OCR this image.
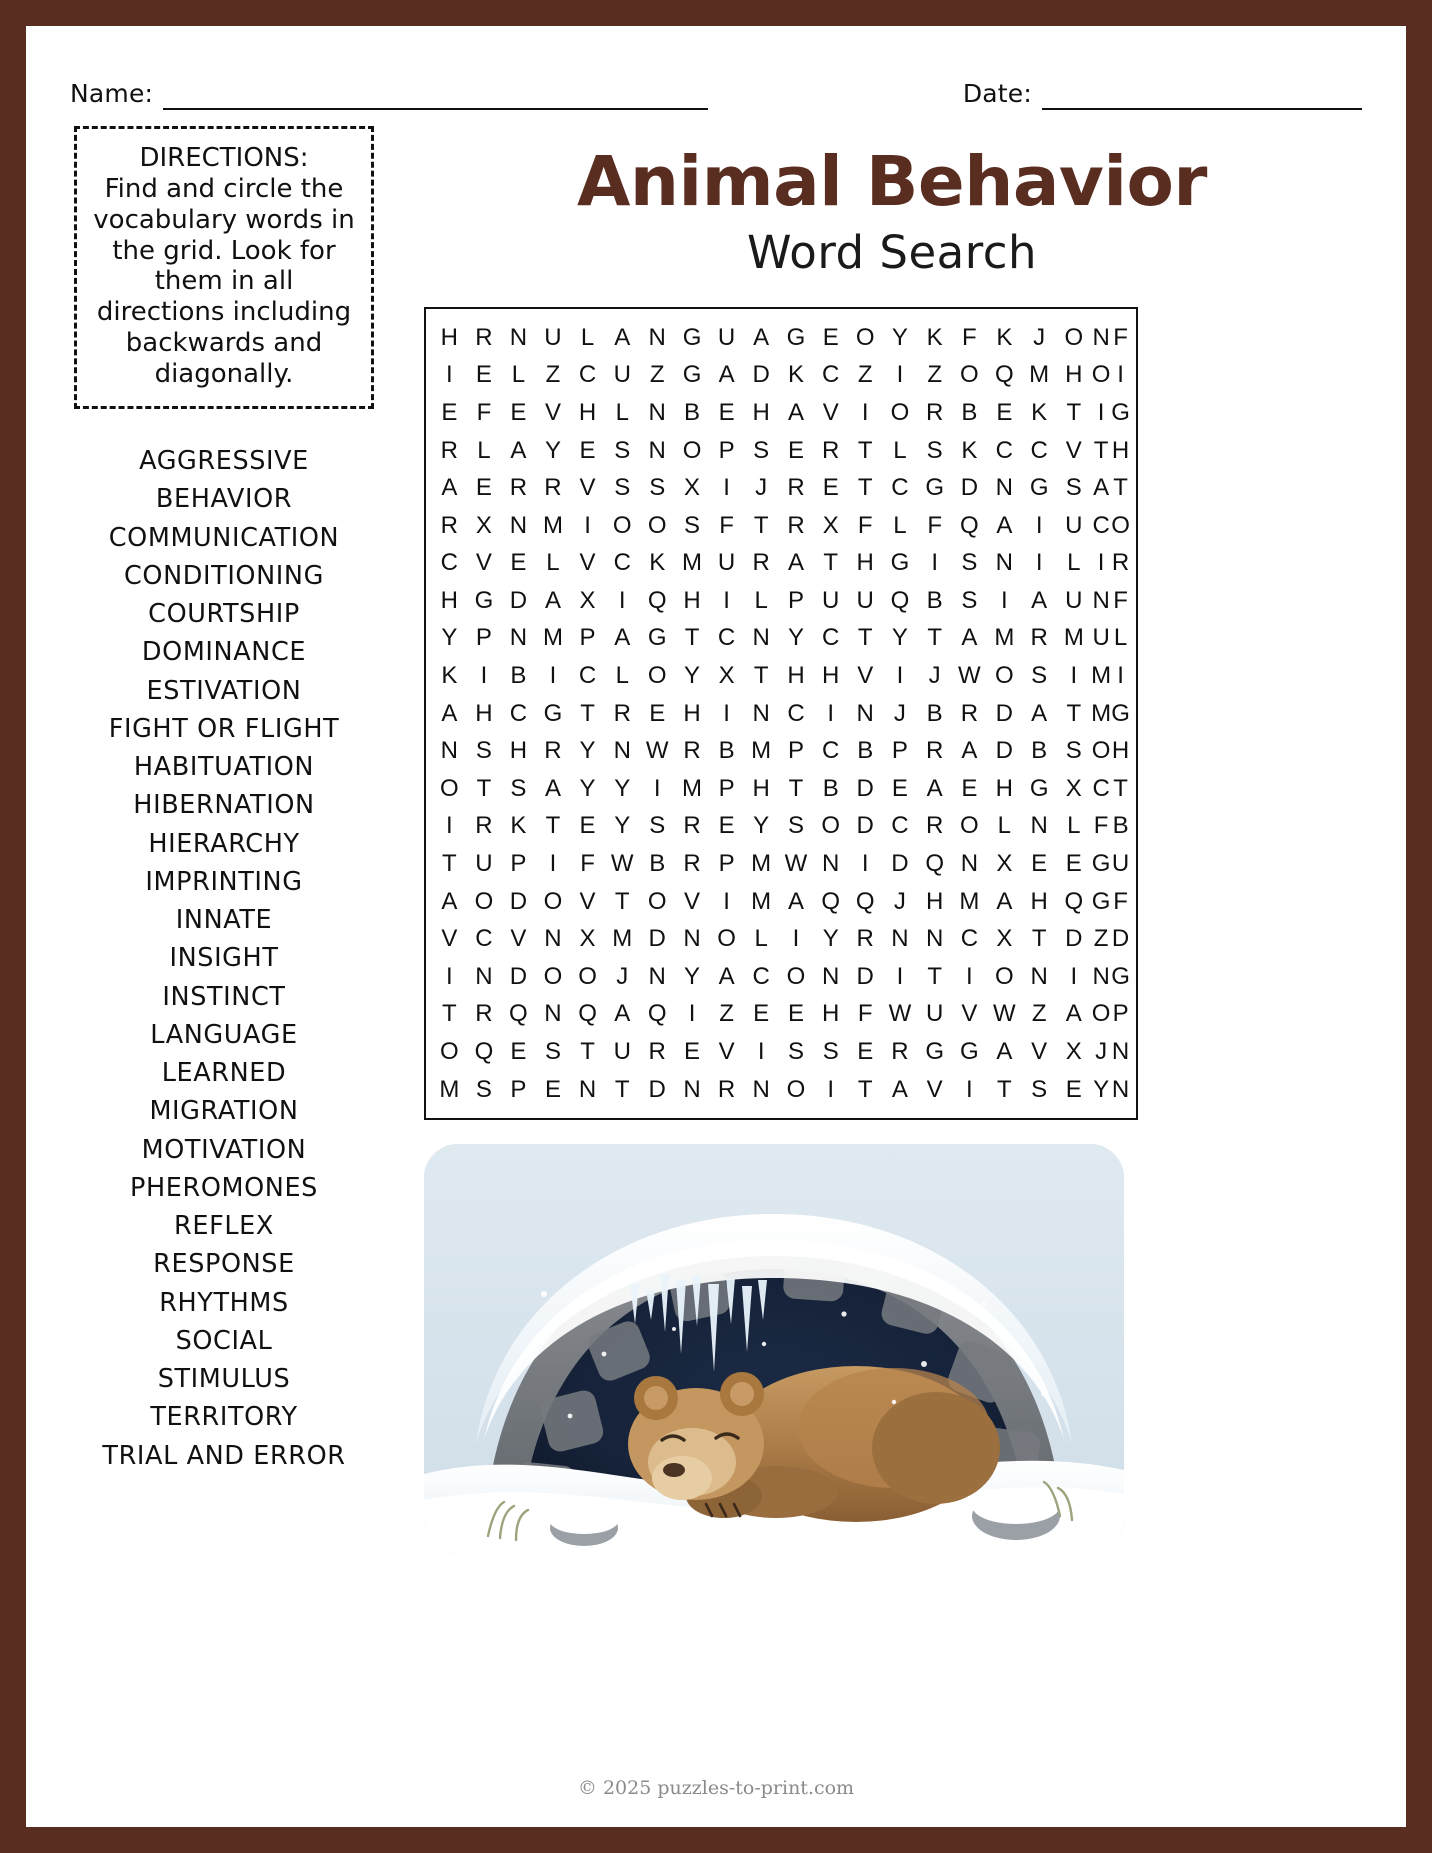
Name:	Date:
DIRECTIONS:
Find and circle the vocabulary words in the grid. Look for them in all directions including backwards and diagonally.
AGGRESSIVE
BEHAVIOR
COMMUNICATION
CONDITIONING
COURTSHIP
DOMINANCE
ESTIVATION
FIGHT OR FLIGHT
HABITUATION
HIBERNATION
HIERARCHY
IMPRINTING
INNATE
INSIGHT
INSTINCT
LANGUAGE
LEARNED
MIGRATION
MOTIVATION
PHEROMONES
REFLEX
RESPONSE
RHYTHMS
SOCIAL
STIMULUS
TERRITORY
TRIAL AND ERROR
Animal Behavior
Word Search
H	R	N	U	L	A	N	G	U	A	G	E	O	Y	K	F	K	J	O	N	F
I	E	L	Z	C	U	Z	G	A	D	K	C	Z	I	Z	O	Q	M	H	O	I
E	F	E	V	H	L	N	B	E	H	A	V	I	O	R	B	E	K	T	I	G
R	L	A	Y	E	S	N	O	P	S	E	R	T	L	S	K	C	C	V	T	H
A	E	R	R	V	S	S	X	I	J	R	E	T	C	G	D	N	G	S	A	T
R	X	N	M	I	O	O	S	F	T	R	X	F	L	F	Q	A	I	U	C	O
C	V	E	L	V	C	K	M	U	R	A	T	H	G	I	S	N	I	L	I	R
H	G	D	A	X	I	Q	H	I	L	P	U	U	Q	B	S	I	A	U	N	F
Y	P	N	M	P	A	G	T	C	N	Y	C	T	Y	T	A	M	R	M	U	L
K	I	B	I	C	L	O	Y	X	T	H	H	V	I	J	W	O	S	I	M	I
A	H	C	G	T	R	E	H	I	N	C	I	N	J	B	R	D	A	T	M	G
N	S	H	R	Y	N	W	R	B	M	P	C	B	P	R	A	D	B	S	O	H
O	T	S	A	Y	Y	I	M	P	H	T	B	D	E	A	E	H	G	X	C	T
I	R	K	T	E	Y	S	R	E	Y	S	O	D	C	R	O	L	N	L	F	B
T	U	P	I	F	W	B	R	P	M	W	N	I	D	Q	N	X	E	E	G	U
A	O	D	O	V	T	O	V	I	M	A	Q	Q	J	H	M	A	H	Q	G	F
V	C	V	N	X	M	D	N	O	L	I	Y	R	N	N	C	X	T	D	Z	D
I	N	D	O	O	J	N	Y	A	C	O	N	D	I	T	I	O	N	I	N	G
T	R	Q	N	Q	A	Q	I	Z	E	E	H	F	W	U	V	W	Z	A	O	P
O	Q	E	S	T	U	R	E	V	I	S	S	E	R	G	G	A	V	X	J	N
M	S	P	E	N	T	D	N	R	N	O	I	T	A	V	I	T	S	E	Y	N
© 2025 puzzles-to-print.com
